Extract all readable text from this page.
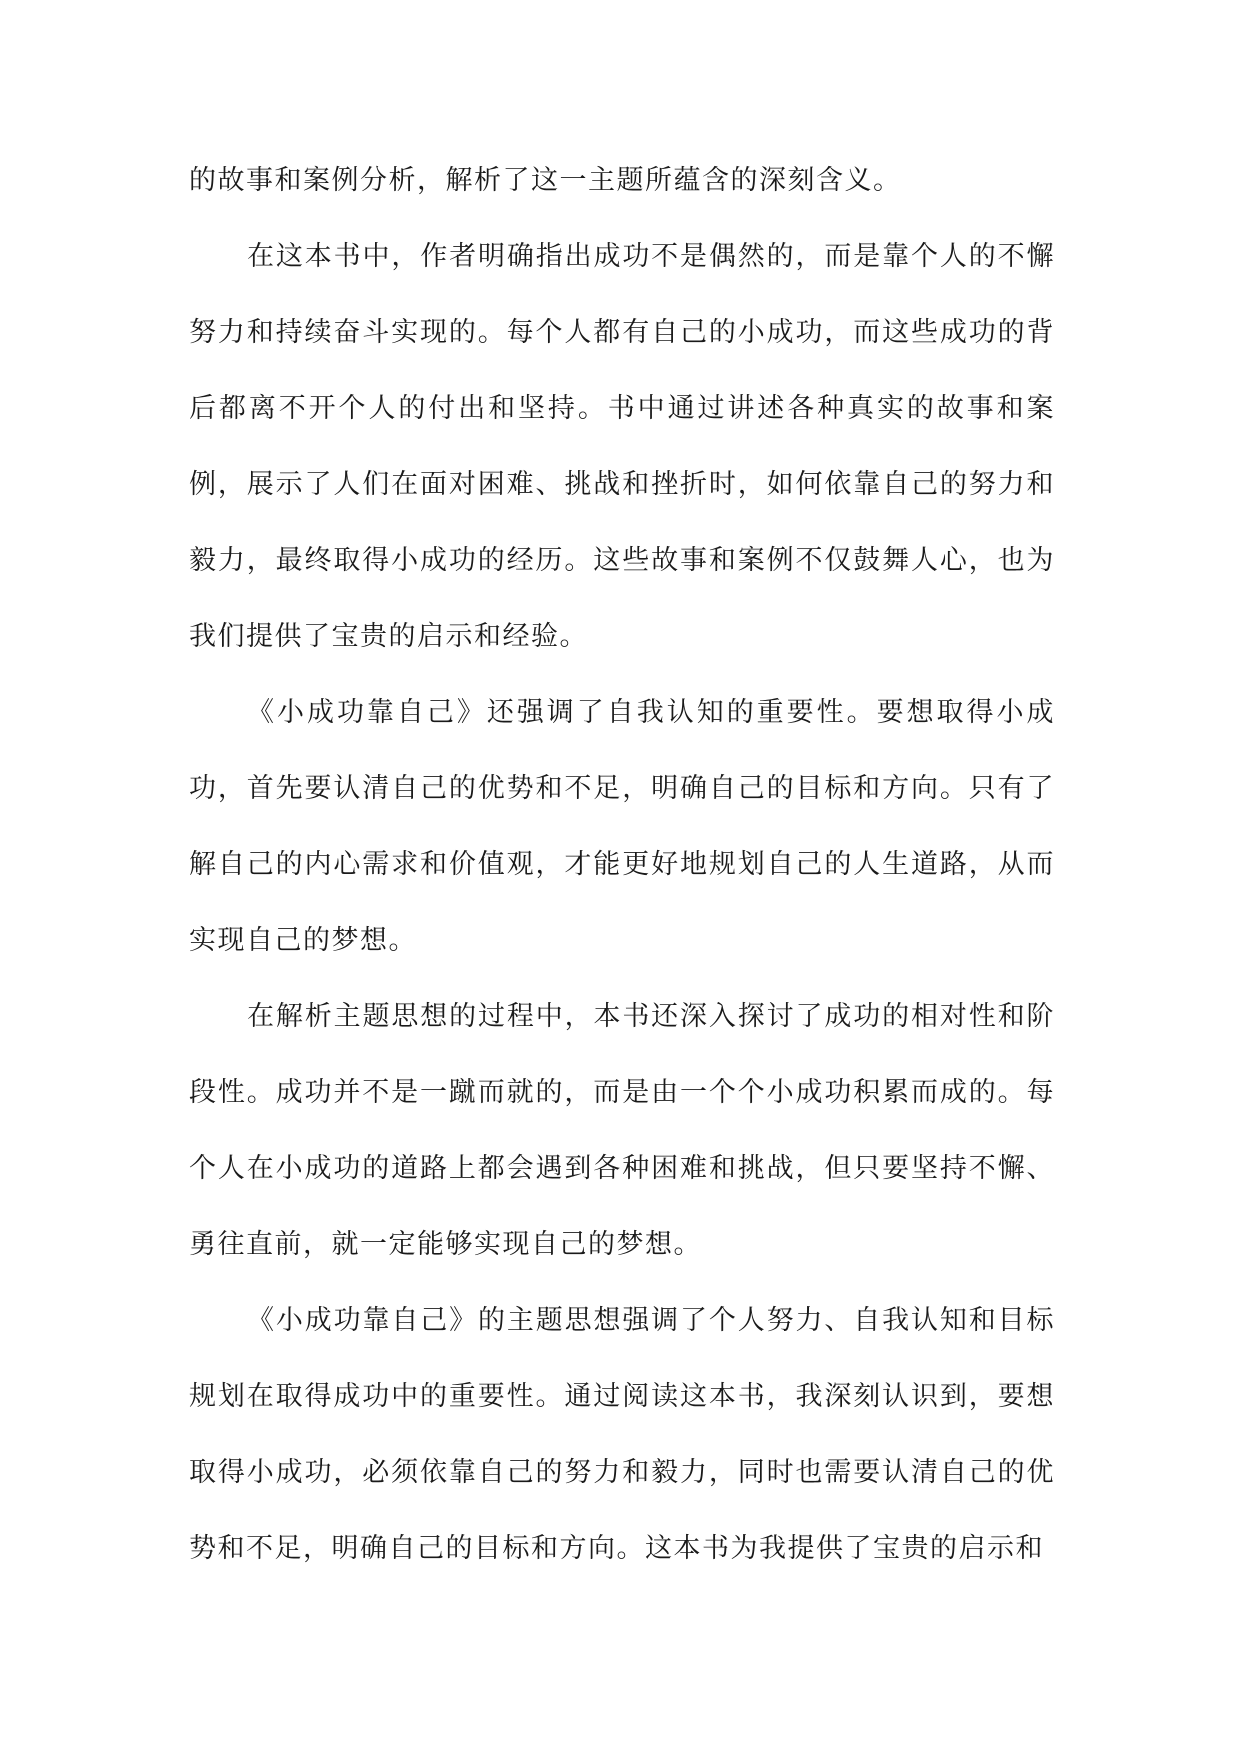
的故事和案例分析，解析了这一主题所蕴含的深刻含义。

在这本书中，作者明确指出成功不是偶然的，而是靠个人的不懈努力和持续奋斗实现的。每个人都有自己的小成功，而这些成功的背后都离不开个人的付出和坚持。书中通过讲述各种真实的故事和案例，展示了人们在面对困难、挑战和挫折时，如何依靠自己的努力和毅力，最终取得小成功的经历。这些故事和案例不仅鼓舞人心，也为我们提供了宝贵的启示和经验。

《小成功靠自己》还强调了自我认知的重要性。要想取得小成功，首先要认清自己的优势和不足，明确自己的目标和方向。只有了解自己的内心需求和价值观，才能更好地规划自己的人生道路，从而实现自己的梦想。

在解析主题思想的过程中，本书还深入探讨了成功的相对性和阶段性。成功并不是一蹴而就的，而是由一个个小成功积累而成的。每个人在小成功的道路上都会遇到各种困难和挑战，但只要坚持不懈、勇往直前，就一定能够实现自己的梦想。

《小成功靠自己》的主题思想强调了个人努力、自我认知和目标规划在取得成功中的重要性。通过阅读这本书，我深刻认识到，要想取得小成功，必须依靠自己的努力和毅力，同时也需要认清自己的优势和不足，明确自己的目标和方向。这本书为我提供了宝贵的启示和
